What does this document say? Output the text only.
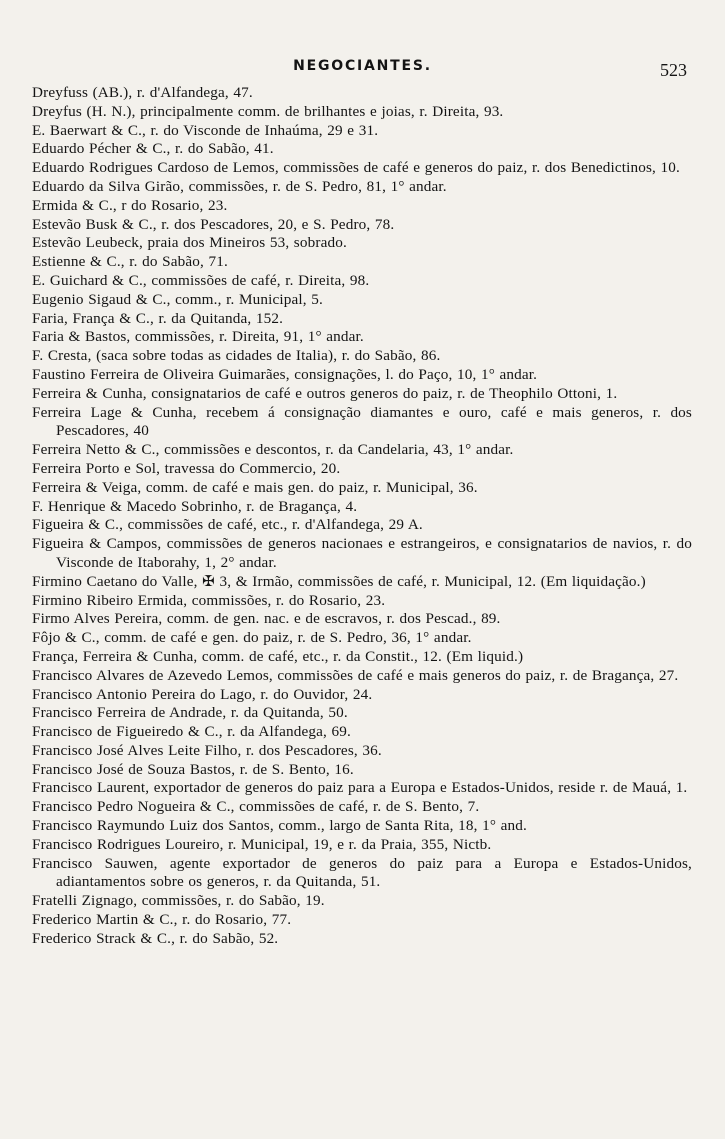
NEGOCIANTES.	523
Dreyfuss (AB.), r. d'Alfandega, 47.
Dreyfus (H. N.), principalmente comm. de brilhantes e joias, r. Direita, 93.
E. Baerwart & C., r. do Visconde de Inhaúma, 29 e 31.
Eduardo Pécher & C., r. do Sabão, 41.
Eduardo Rodrigues Cardoso de Lemos, commissões de café e generos do paiz, r. dos Benedictinos, 10.
Eduardo da Silva Girão, commissões, r. de S. Pedro, 81, 1° andar.
Ermida & C., r do Rosario, 23.
Estevão Busk & C., r. dos Pescadores, 20, e S. Pedro, 78.
Estevão Leubeck, praia dos Mineiros 53, sobrado.
Estienne & C., r. do Sabão, 71.
E. Guichard & C., commissões de café, r. Direita, 98.
Eugenio Sigaud & C., comm., r. Municipal, 5.
Faria, França & C., r. da Quitanda, 152.
Faria & Bastos, commissões, r. Direita, 91, 1° andar.
F. Cresta, (saca sobre todas as cidades de Italia), r. do Sabão, 86.
Faustino Ferreira de Oliveira Guimarães, consignações, l. do Paço, 10, 1° andar.
Ferreira & Cunha, consignatarios de café e outros generos do paiz, r. de Theophilo Ottoni, 1.
Ferreira Lage & Cunha, recebem á consignação diamantes e ouro, café e mais generos, r. dos Pescadores, 40
Ferreira Netto & C., commissões e descontos, r. da Candelaria, 43, 1° andar.
Ferreira Porto e Sol, travessa do Commercio, 20.
Ferreira & Veiga, comm. de café e mais gen. do paiz, r. Municipal, 36.
F. Henrique & Macedo Sobrinho, r. de Bragança, 4.
Figueira & C., commissões de café, etc., r. d'Alfandega, 29 A.
Figueira & Campos, commissões de generos nacionaes e estrangeiros, e consignatarios de navios, r. do Visconde de Itaborahy, 1, 2° andar.
Firmino Caetano do Valle, ✠ 3, & Irmão, commissões de café, r. Municipal, 12. (Em liquidação.)
Firmino Ribeiro Ermida, commissões, r. do Rosario, 23.
Firmo Alves Pereira, comm. de gen. nac. e de escravos, r. dos Pescad., 89.
Fôjo & C., comm. de café e gen. do paiz, r. de S. Pedro, 36, 1° andar.
França, Ferreira & Cunha, comm. de café, etc., r. da Constit., 12. (Em liquid.)
Francisco Alvares de Azevedo Lemos, commissões de café e mais generos do paiz, r. de Bragança, 27.
Francisco Antonio Pereira do Lago, r. do Ouvidor, 24.
Francisco Ferreira de Andrade, r. da Quitanda, 50.
Francisco de Figueiredo & C., r. da Alfandega, 69.
Francisco José Alves Leite Filho, r. dos Pescadores, 36.
Francisco José de Souza Bastos, r. de S. Bento, 16.
Francisco Laurent, exportador de generos do paiz para a Europa e Estados-Unidos, reside r. de Mauá, 1.
Francisco Pedro Nogueira & C., commissões de café, r. de S. Bento, 7.
Francisco Raymundo Luiz dos Santos, comm., largo de Santa Rita, 18, 1° and.
Francisco Rodrigues Loureiro, r. Municipal, 19, e r. da Praia, 355, Nictb.
Francisco Sauwen, agente exportador de generos do paiz para a Europa e Estados-Unidos, adiantamentos sobre os generos, r. da Quitanda, 51.
Fratelli Zignago, commissões, r. do Sabão, 19.
Frederico Martin & C., r. do Rosario, 77.
Frederico Strack & C., r. do Sabão, 52.
